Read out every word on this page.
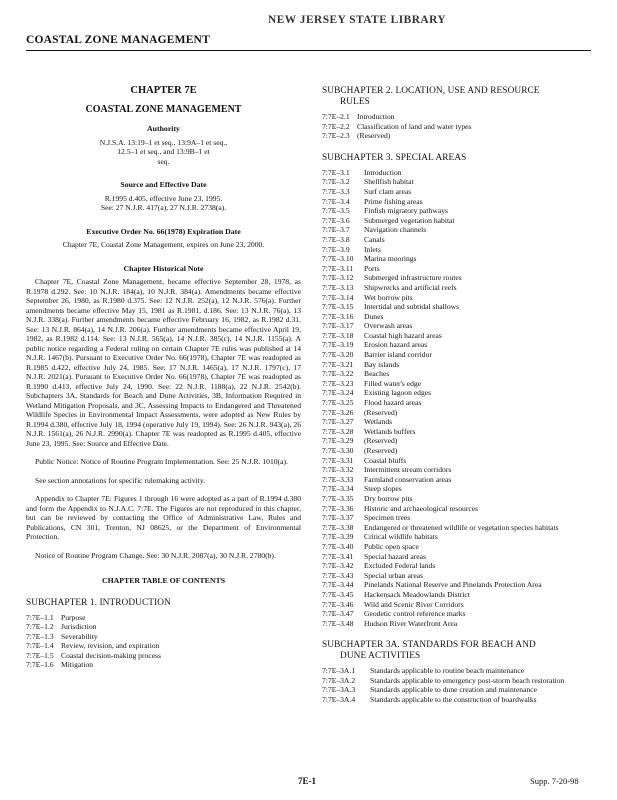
NEW JERSEY STATE LIBRARY
COASTAL ZONE MANAGEMENT
CHAPTER 7E
COASTAL ZONE MANAGEMENT
Authority
N.J.S.A. 13:19–1 et seq., 13:9A–1 et seq.,
12.5–1 et seq., and 13:9B–1 et
seq.
Source and Effective Date
R.1995 d.405, effective June 23, 1995.
See: 27 N.J.R. 417(a), 27 N.J.R. 2738(a).
Executive Order No. 66(1978) Expiration Date
Chapter 7E, Coastal Zone Management, expires on June 23, 2000.
Chapter Historical Note

Chapter 7E, Coastal Zone Management, became effective September 28, 1978, as R.1978 d.292. See: 10 N.J.R. 184(a), 10 N.J.R. 384(a). Amendments became effective September 26, 1980, as R.1980 d.375. See: 12 N.J.R. 252(a), 12 N.J.R. 576(a). Further amendments became effective May 15, 1981 as R.1981, d.186. See: 13 N.J.R. 76(a), 13 N.J.R. 338(a). Further amendments became effective February 16, 1982, as R.1982 d.31. See: 13 N.J.R. 864(a), 14 N.J.R. 206(a). Further amendments became effective April 19, 1982, as R.1982 d.114. See: 13 N.J.R. 565(a), 14 N.J.R. 385(c), 14 N.J.R. 1155(a). A public notice regarding a Federal ruling on certain Chapter 7E rules was published at 14 N.J.R. 1467(b). Pursuant to Executive Order No. 66(1978), Chapter 7E was readopted as R.1985 d.422, effective July 24, 1985. See: 17 N.J.R. 1465(a), 17 N.J.R. 1797(c), 17 N.J.R. 2021(a). Pursuant to Executive Order No. 66(1978), Chapter 7E was readopted as R.1990 d.413, effective July 24, 1990. See: 22 N.J.R. 1188(a), 22 N.J.R. 2542(b). Subchapters 3A, Standards for Beach and Dune Activities, 3B, Information Required in Wetland Mitigation Proposals, and 3C, Assessing Impacts to Endangered and Threatened Wildlife Species in Environmental Impact Assessments, were adopted as New Rules by R.1994 d.380, effective July 18, 1994 (operative July 19, 1994). See: 26 N.J.R. 943(a), 26 N.J.R. 1561(a), 26 N.J.R. 2990(a). Chapter 7E was readopted as R.1995 d.405, effective June 23, 1995. See: Source and Effective Date.

Public Notice: Notice of Routine Program Implementation. See: 25 N.J.R. 1010(a).

See section annotations for specific rulemaking activity.

Appendix to Chapter 7E: Figures 1 through 16 were adopted as a part of R.1994 d.380 and form the Appendix to N.J.A.C. 7:7E. The Figures are not reproduced in this chapter, but can be reviewed by contacting the Office of Administrative Law, Rules and Publications, CN 301, Trenton, NJ 08625, or the Department of Environmental Protection.

Notice of Routine Program Change. See: 30 N.J.R. 2087(a), 30 N.J.R. 2780(b).

CHAPTER TABLE OF CONTENTS
SUBCHAPTER 1. INTRODUCTION
7:7E–1.1 Purpose
7:7E–1.2 Jurisdiction
7:7E–1.3 Severability
7:7E–1.4 Review, revision, and expiration
7:7E–1.5 Coastal decision-making process
7:7E–1.6 Mitigation
SUBCHAPTER 2. LOCATION, USE AND RESOURCE
RULES
7:7E–2.1 Introduction
7:7E–2.2 Classification of land and water types
7:7E–2.3 (Reserved)
SUBCHAPTER 3. SPECIAL AREAS
7:7E–3.1	Introduction
7:7E–3.2	Shellfish habitat
7:7E–3.3	Surf clam areas
7:7E–3.4	Prime fishing areas
7:7E–3.5	Finfish migratory pathways
7:7E–3.6	Submerged vegetation habitat
7:7E–3.7	Navigation channels
7:7E–3.8	Canals
7:7E–3.9	Inlets
7:7E–3.10	Marina moorings
7:7E–3.11	Ports
7:7E–3.12	Submerged infrastructure routes
7:7E–3.13	Shipwrecks and artificial reefs
7:7E–3.14	Wet borrow pits
7:7E–3.15	Intertidal and subtidal shallows
7:7E–3.16	Dunes
7:7E–3.17	Overwash areas
7:7E–3.18	Coastal high hazard areas
7:7E–3.19	Erosion hazard areas
7:7E–3.20	Barrier island corridor
7:7E–3.21	Bay islands
7:7E–3.22	Beaches
7:7E–3.23	Filled water's edge
7:7E–3.24	Existing lagoon edges
7:7E–3.25	Flood hazard areas
7:7E–3.26	(Reserved)
7:7E–3.27	Wetlands
7:7E–3.28	Wetlands buffers
7:7E–3.29	(Reserved)
7:7E–3.30	(Reserved)
7:7E–3.31	Coastal bluffs
7:7E–3.32	Intermittent stream corridors
7:7E–3.33	Farmland conservation areas
7:7E–3.34	Steep slopes
7:7E–3.35	Dry borrow pits
7:7E–3.36	Historic and archaeological resources
7:7E–3.37	Specimen trees
7:7E–3.38	Endangered or threatened wildlife or vegetation species habitats
7:7E–3.39	Critical wildlife habitats
7:7E–3.40	Public open space
7:7E–3.41	Special hazard areas
7:7E–3.42	Excluded Federal lands
7:7E–3.43	Special urban areas
7:7E–3.44	Pinelands National Reserve and Pinelands Protection Area
7:7E–3.45	Hackensack Meadowlands District
7:7E–3.46	Wild and Scenic River Corridors
7:7E–3.47	Geodetic control reference marks
7:7E–3.48	Hudson River Waterfront Area
SUBCHAPTER 3A. STANDARDS FOR BEACH AND
DUNE ACTIVITIES
7:7E–3A.1	Standards applicable to routine beach maintenance
7:7E–3A.2	Standards applicable to emergency post-storm beach restoration
7:7E–3A.3	Standards applicable to dune creation and maintenance
7:7E–3A.4	Standards applicable to the construction of boardwalks
7E-1	Supp. 7-20-98
